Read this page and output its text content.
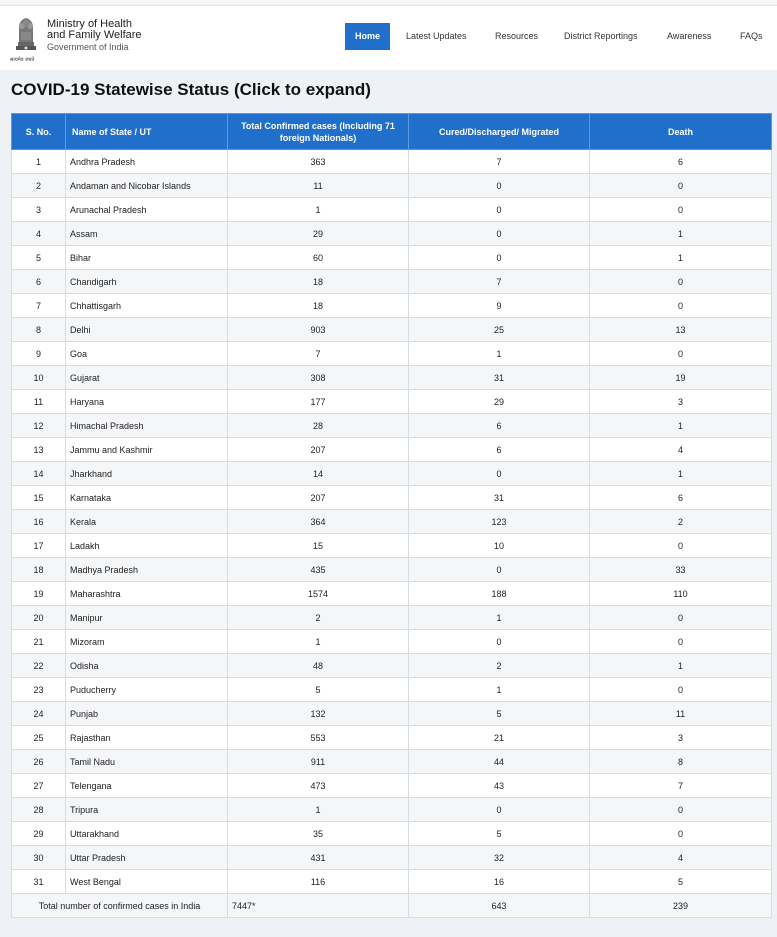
सत्यमेव जयते
Ministry of Health
and Family Welfare
Government of India
Home	Latest Updates	Resources	District Reportings	Awareness	FAQs
COVID-19 Statewise Status (Click to expand)
S. No.	Name of State / UT	Total Confirmed cases (Including 71 foreign Nationals)	Cured/Discharged/ Migrated	Death
1	Andhra Pradesh	363	7	6
2	Andaman and Nicobar Islands	11	0	0
3	Arunachal Pradesh	1	0	0
4	Assam	29	0	1
5	Bihar	60	0	1
6	Chandigarh	18	7	0
7	Chhattisgarh	18	9	0
8	Delhi	903	25	13
9	Goa	7	1	0
10	Gujarat	308	31	19
11	Haryana	177	29	3
12	Himachal Pradesh	28	6	1
13	Jammu and Kashmir	207	6	4
14	Jharkhand	14	0	1
15	Karnataka	207	31	6
16	Kerala	364	123	2
17	Ladakh	15	10	0
18	Madhya Pradesh	435	0	33
19	Maharashtra	1574	188	110
20	Manipur	2	1	0
21	Mizoram	1	0	0
22	Odisha	48	2	1
23	Puducherry	5	1	0
24	Punjab	132	5	11
25	Rajasthan	553	21	3
26	Tamil Nadu	911	44	8
27	Telengana	473	43	7
28	Tripura	1	0	0
29	Uttarakhand	35	5	0
30	Uttar Pradesh	431	32	4
31	West Bengal	116	16	5
Total number of confirmed cases in India		7447*	643	239
